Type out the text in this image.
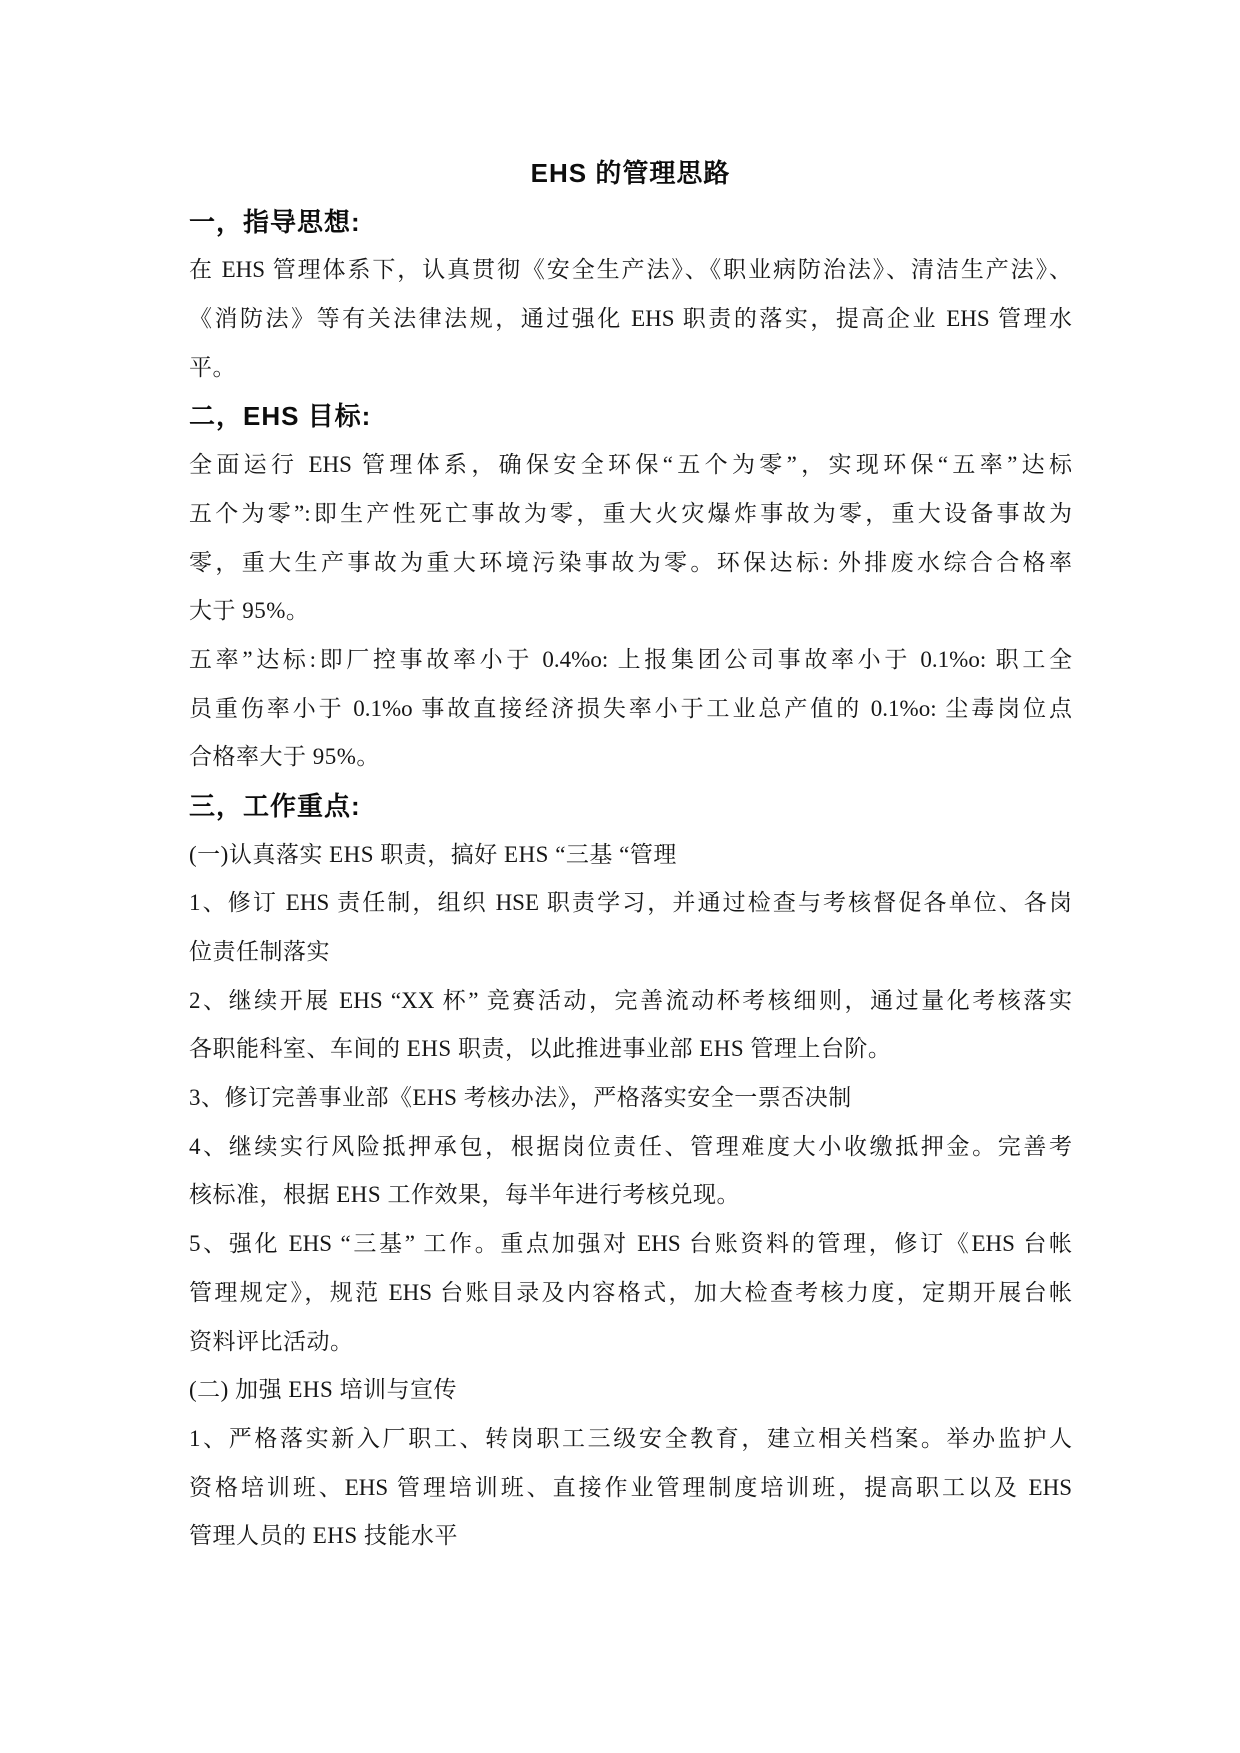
EHS 的管理思路
一，指导思想:
在 EHS 管理体系下，认真贯彻《安全生产法》、《职业病防治法》、清洁生产法》、
《消防法》等有关法律法规，通过强化 EHS 职责的落实，提高企业 EHS 管理水
平。
二，EHS 目标:
全面运行 EHS 管理体系，确保安全环保“五个为零”，实现环保“五率”达标
五个为零”:即生产性死亡事故为零，重大火灾爆炸事故为零，重大设备事故为
零，重大生产事故为重大环境污染事故为零。环保达标: 外排废水综合合格率
大于 95%。
五率”达标:即厂控事故率小于 0.4%o: 上报集团公司事故率小于 0.1%o: 职工全
员重伤率小于 0.1%o 事故直接经济损失率小于工业总产值的 0.1%o: 尘毒岗位点
合格率大于 95%。
三，工作重点:
(一)认真落实 EHS 职责，搞好 EHS “三基 “管理
1、修订 EHS 责任制，组织 HSE 职责学习，并通过检查与考核督促各单位、各岗
位责任制落实
2、继续开展 EHS “XX 杯” 竞赛活动，完善流动杯考核细则，通过量化考核落实
各职能科室、车间的 EHS 职责，以此推进事业部 EHS 管理上台阶。
3、修订完善事业部《EHS 考核办法》，严格落实安全一票否决制
4、继续实行风险抵押承包，根据岗位责任、管理难度大小收缴抵押金。完善考
核标准，根据 EHS 工作效果，每半年进行考核兑现。
5、强化 EHS “三基” 工作。重点加强对 EHS 台账资料的管理，修订《EHS 台帐
管理规定》，规范 EHS 台账目录及内容格式，加大检查考核力度，定期开展台帐
资料评比活动。
(二) 加强 EHS 培训与宣传
1、严格落实新入厂职工、转岗职工三级安全教育，建立相关档案。举办监护人
资格培训班、EHS 管理培训班、直接作业管理制度培训班，提高职工以及 EHS
管理人员的 EHS 技能水平
